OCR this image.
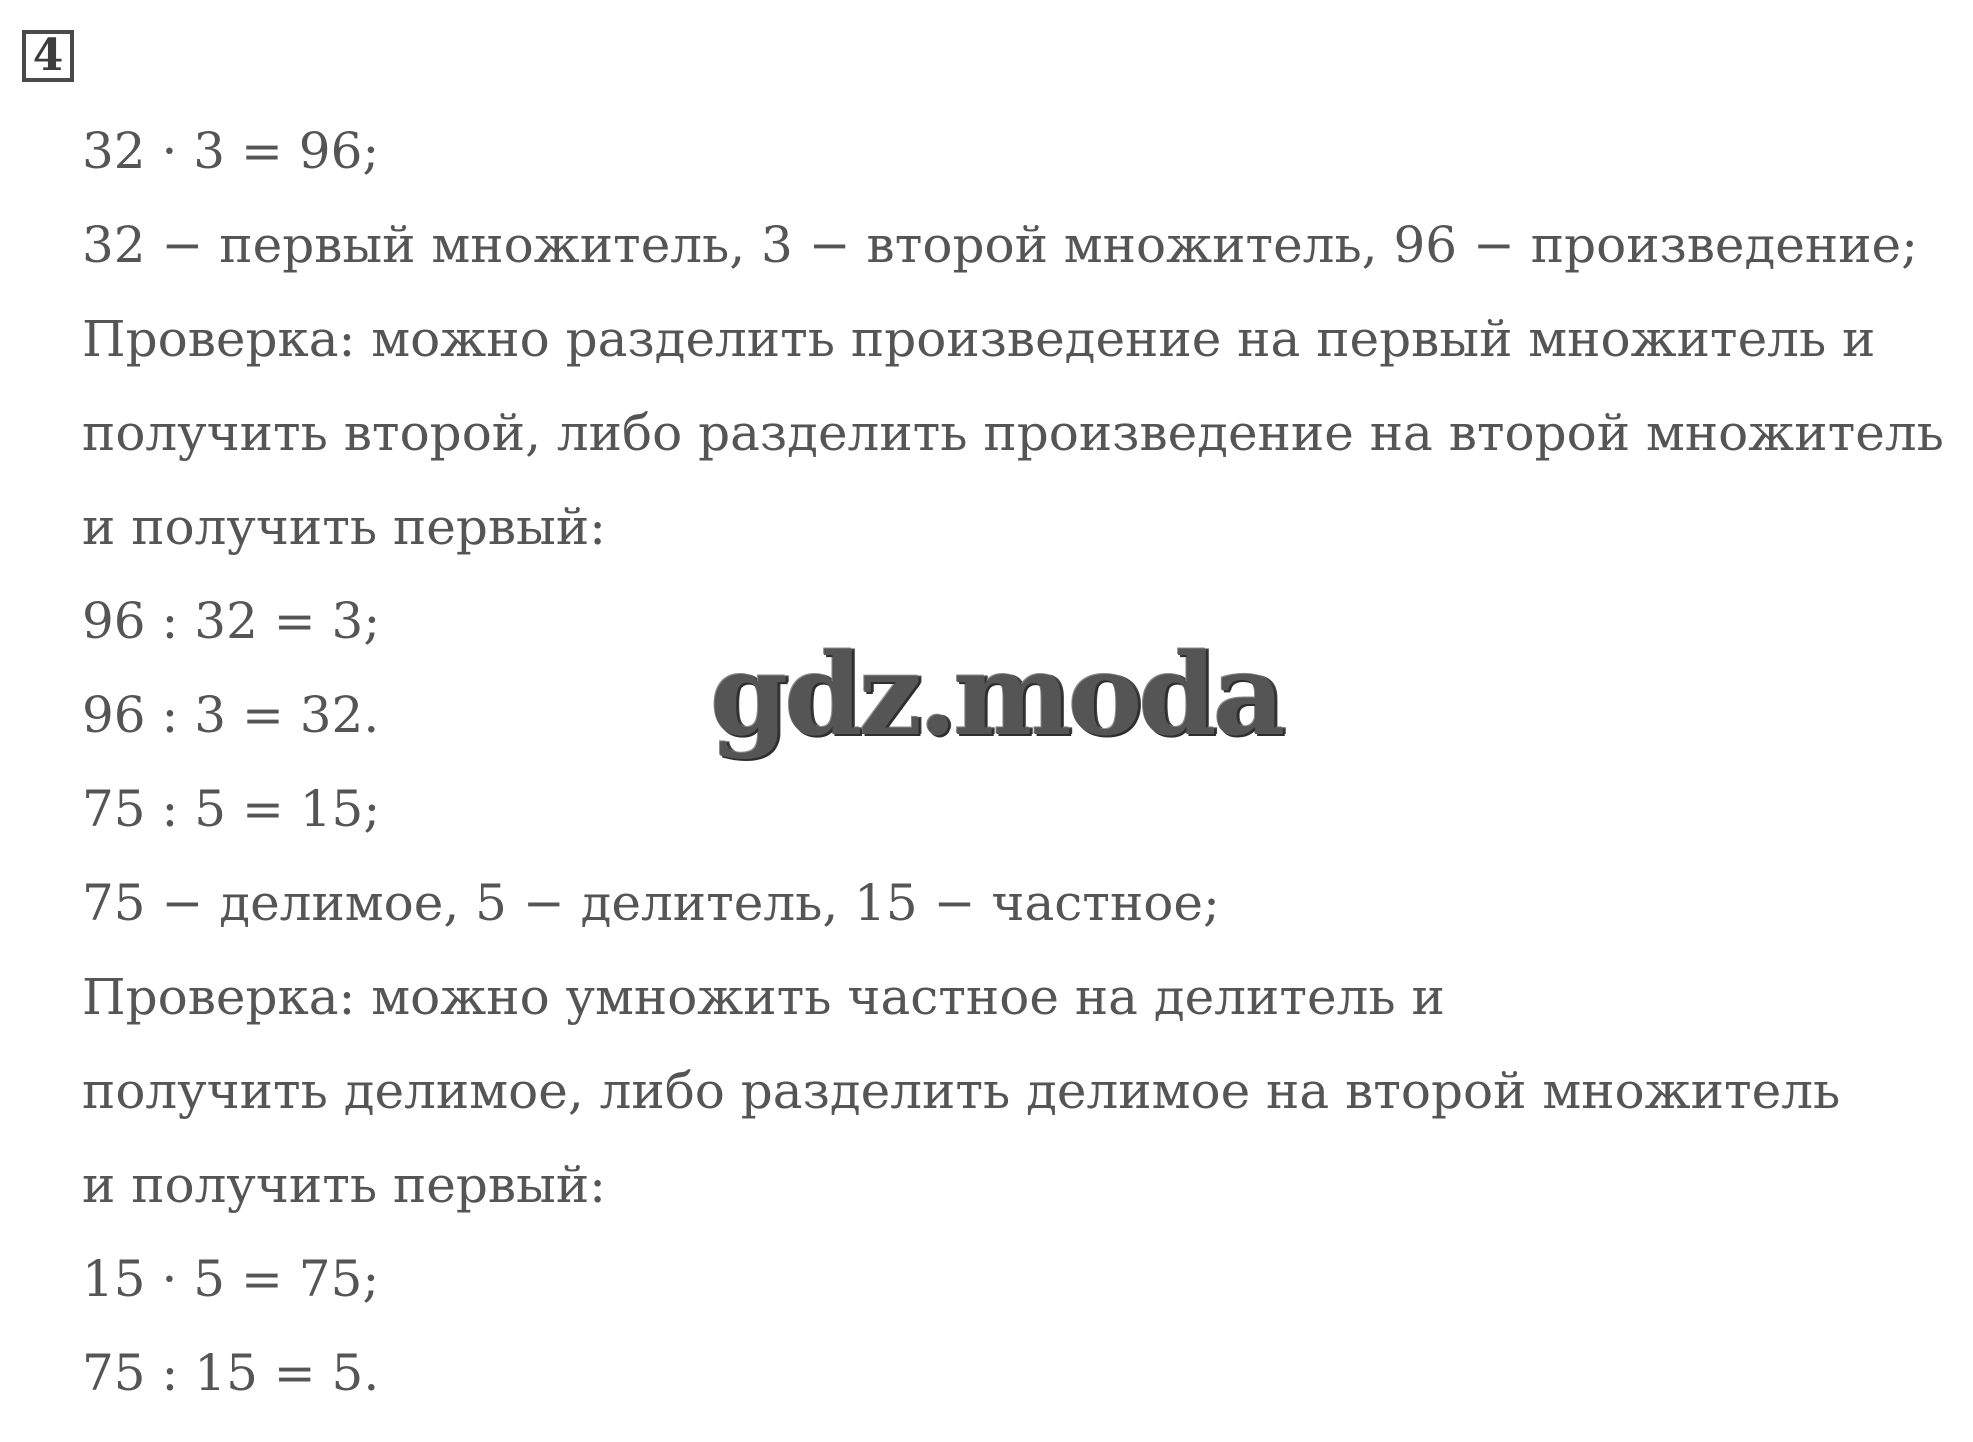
4
32 · 3 = 96;
32 − первый множитель, 3 − второй множитель, 96 − произведение;
Проверка: можно разделить произведение на первый множитель и
получить второй, либо разделить произведение на второй множитель
и получить первый:
96 : 32 = 3;
96 : 3 = 32.
75 : 5 = 15;
75 − делимое, 5 − делитель, 15 − частное;
Проверка: можно умножить частное на делитель и
получить делимое, либо разделить делимое на второй множитель
и получить первый:
15 · 5 = 75;
75 : 15 = 5.
gdz.moda
